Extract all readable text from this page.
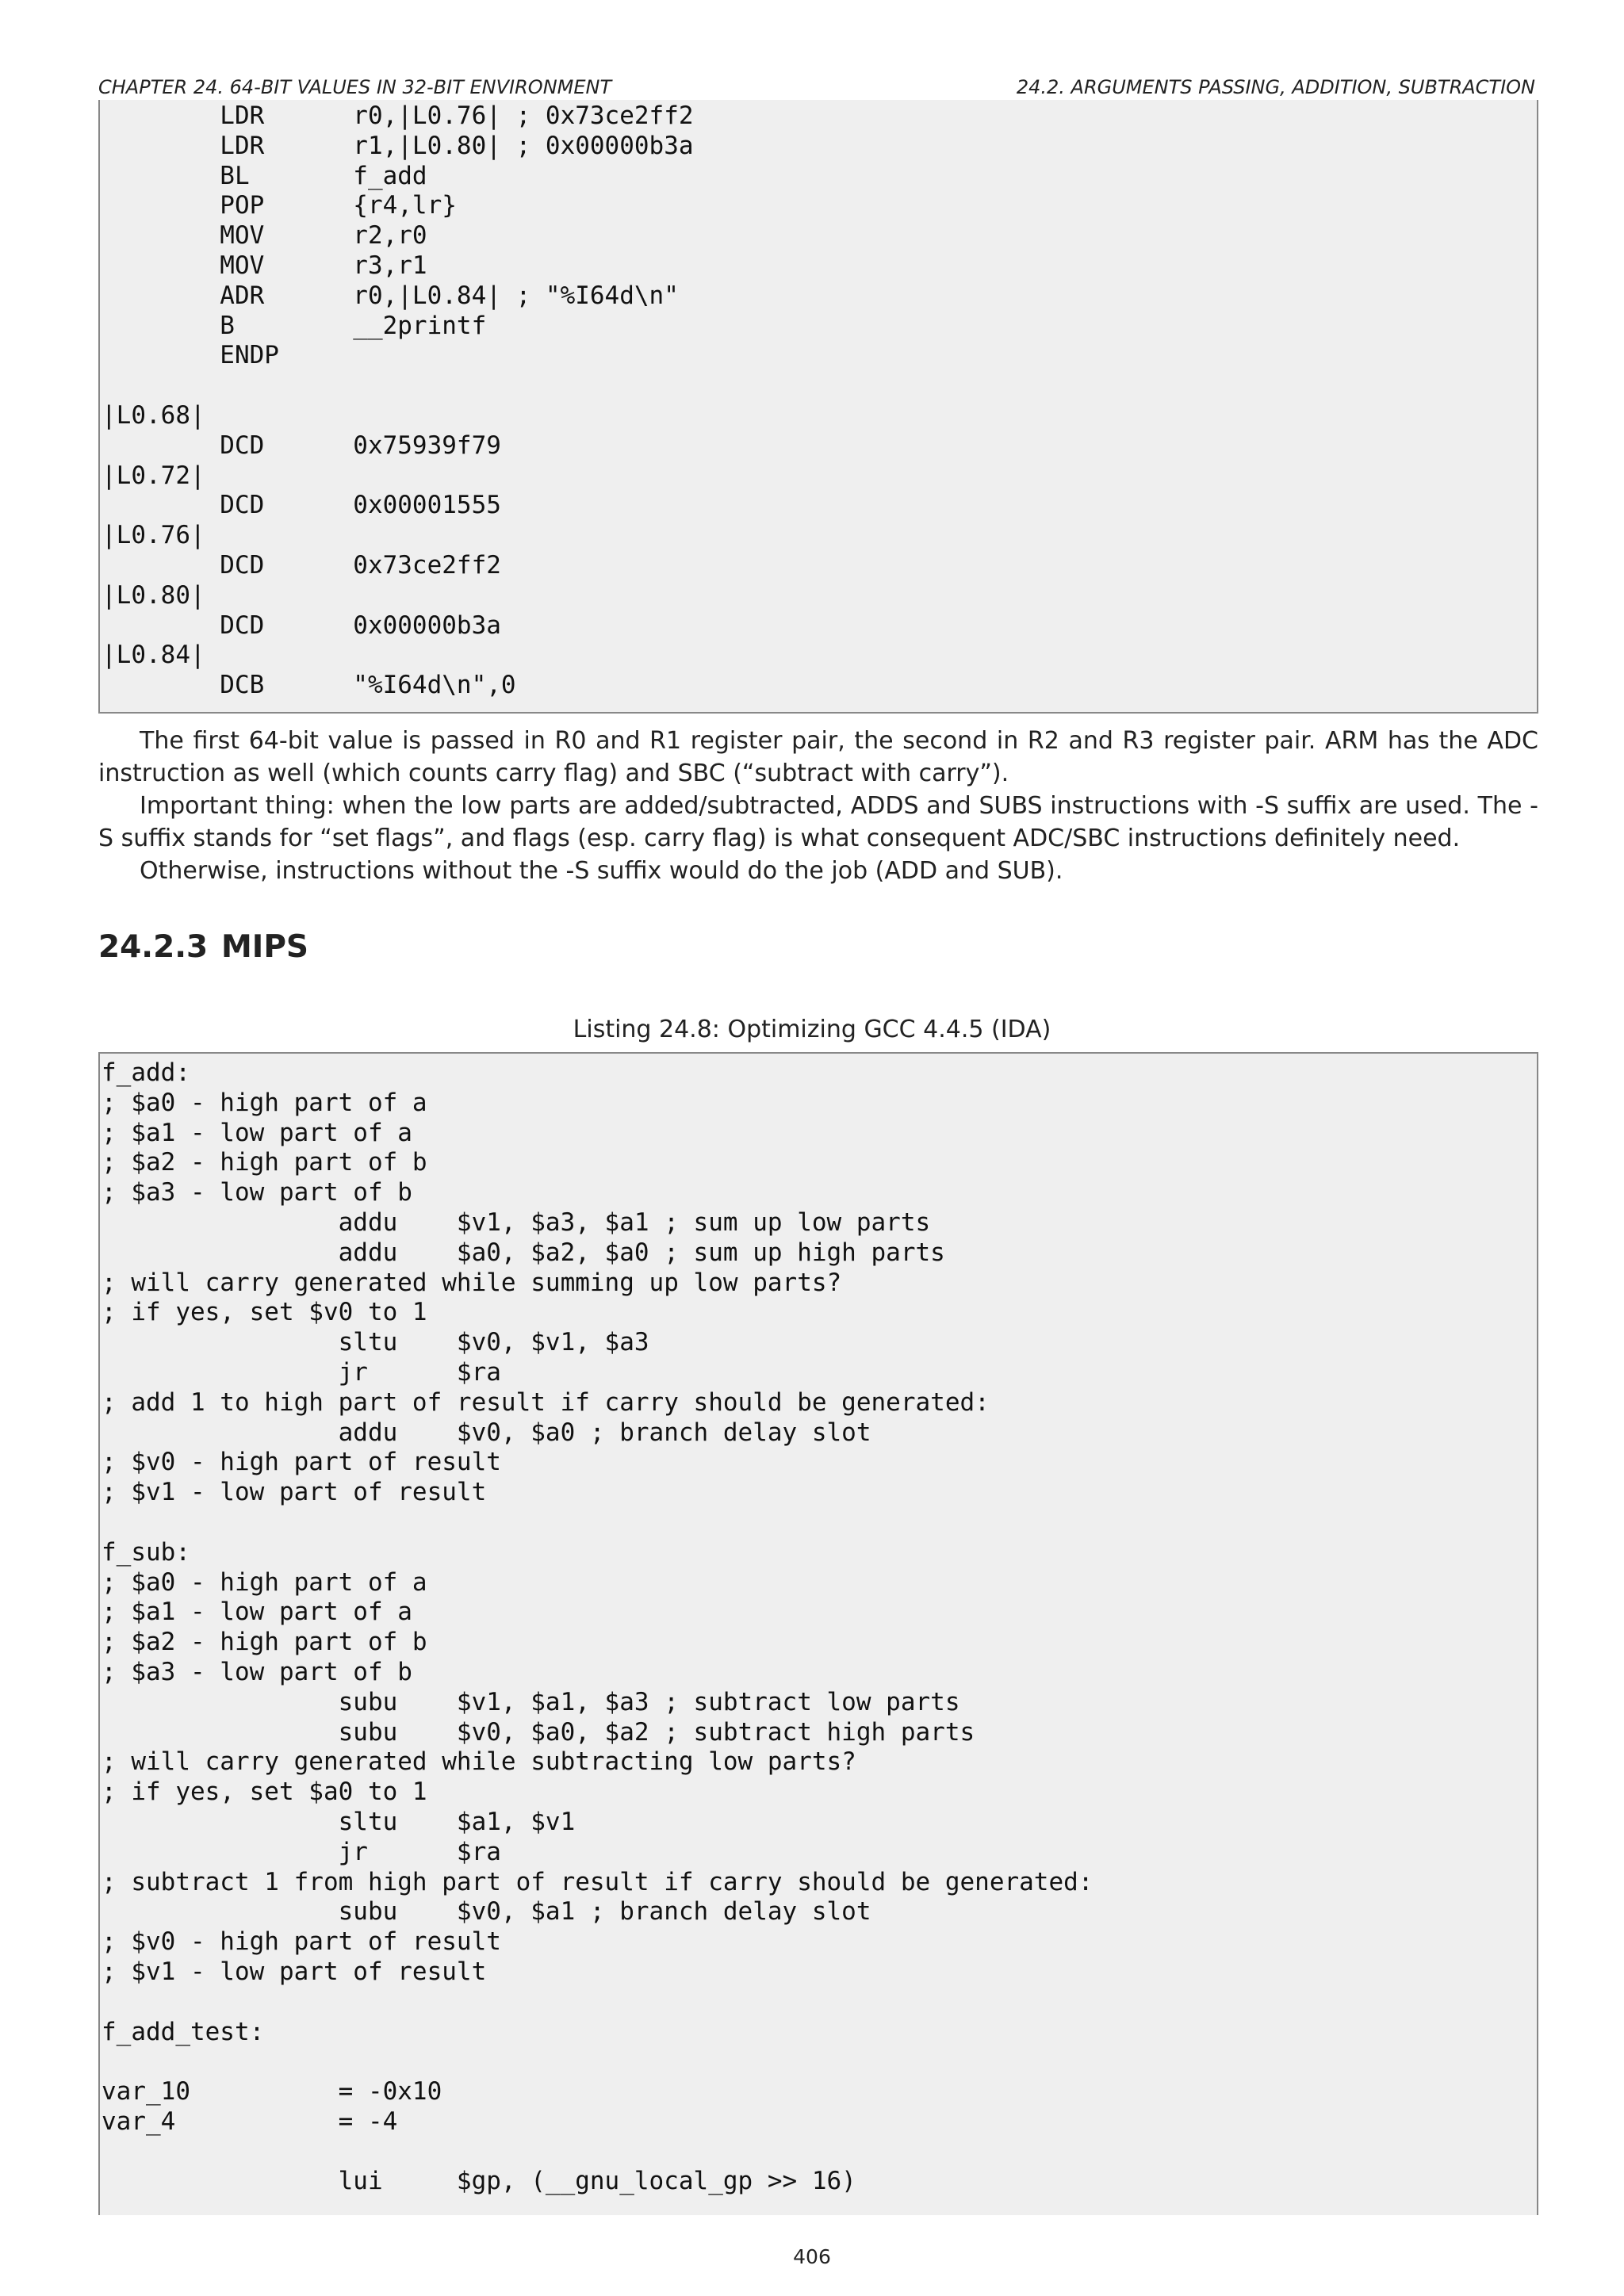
CHAPTER 24. 64-BIT VALUES IN 32-BIT ENVIRONMENT	24.2. ARGUMENTS PASSING, ADDITION, SUBTRACTION
LDR      r0,|L0.76| ; 0x73ce2ff2
LDR      r1,|L0.80| ; 0x00000b3a
BL       f_add
POP      {r4,lr}
MOV      r2,r0
MOV      r3,r1
ADR      r0,|L0.84| ; "%I64d\n"
B        __2printf
ENDP

|L0.68|
DCD      0x75939f79
|L0.72|
DCD      0x00001555
|L0.76|
DCD      0x73ce2ff2
|L0.80|
DCD      0x00000b3a
|L0.84|
DCB      "%I64d\n",0

The first 64-bit value is passed in R0 and R1 register pair, the second in R2 and R3 register pair. ARM has the ADC instruction as well (which counts carry flag) and SBC (“subtract with carry”).

Important thing: when the low parts are added/subtracted, ADDS and SUBS instructions with -S suffix are used. The -S suffix stands for “set flags”, and flags (esp. carry flag) is what consequent ADC/SBC instructions definitely need.

Otherwise, instructions without the -S suffix would do the job (ADD and SUB).

24.2.3 MIPS
Listing 24.8: Optimizing GCC 4.4.5 (IDA)
f_add:
; $a0 - high part of a
; $a1 - low part of a
; $a2 - high part of b
; $a3 - low part of b
addu    $v1, $a3, $a1 ; sum up low parts
addu    $a0, $a2, $a0 ; sum up high parts
; will carry generated while summing up low parts?
; if yes, set $v0 to 1
sltu    $v0, $v1, $a3
jr      $ra
; add 1 to high part of result if carry should be generated:
addu    $v0, $a0 ; branch delay slot
; $v0 - high part of result
; $v1 - low part of result

f_sub:
; $a0 - high part of a
; $a1 - low part of a
; $a2 - high part of b
; $a3 - low part of b
subu    $v1, $a1, $a3 ; subtract low parts
subu    $v0, $a0, $a2 ; subtract high parts
; will carry generated while subtracting low parts?
; if yes, set $a0 to 1
sltu    $a1, $v1
jr      $ra
; subtract 1 from high part of result if carry should be generated:
subu    $v0, $a1 ; branch delay slot
; $v0 - high part of result
; $v1 - low part of result

f_add_test:

var_10          = -0x10
var_4           = -4

lui     $gp, (__gnu_local_gp >> 16)
406
